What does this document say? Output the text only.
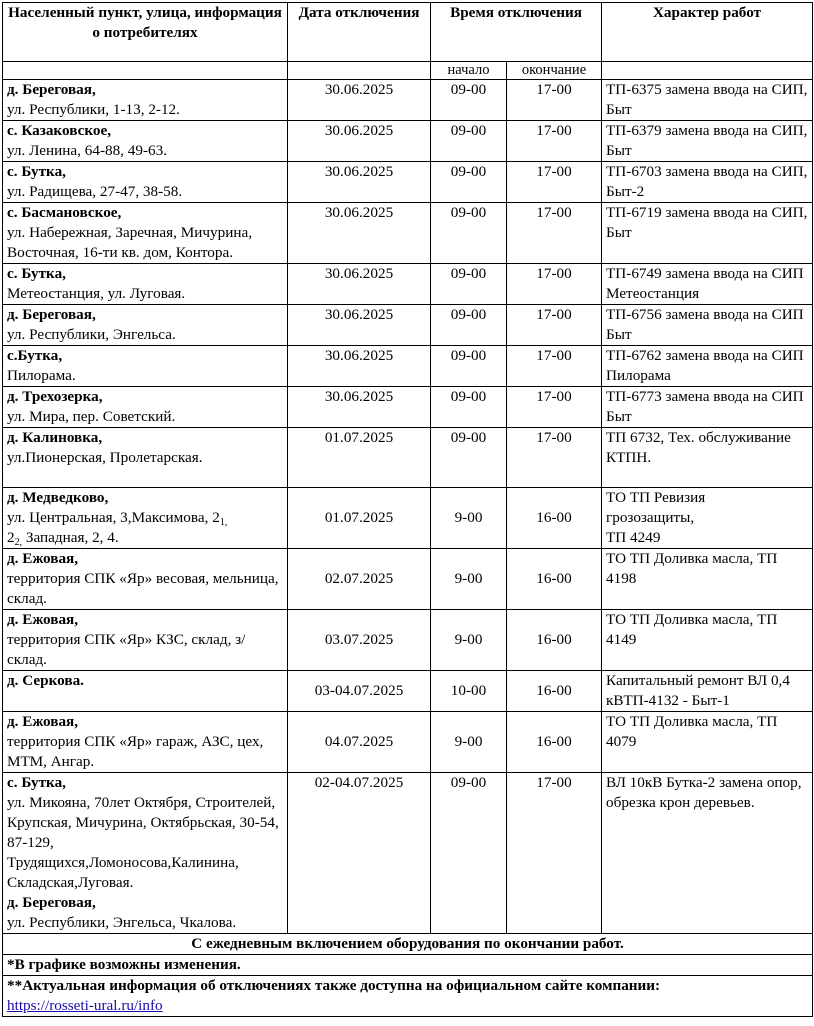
Населенный пункт, улица, информация о потребителях	Дата отключения	Время отключения		Характер работ
		начало	окончание	
д. Береговая,
ул. Республики, 1-13, 2-12.	30.06.2025	09-00	17-00	ТП-6375 замена ввода на СИП, Быт
с. Казаковское,
ул. Ленина, 64-88, 49-63.	30.06.2025	09-00	17-00	ТП-6379 замена ввода на СИП, Быт
с. Бутка,
ул. Радищева, 27-47, 38-58.	30.06.2025	09-00	17-00	ТП-6703 замена ввода на СИП, Быт-2
с. Басмановское,
ул. Набережная, Заречная, Мичурина, Восточная, 16-ти кв. дом, Контора.	30.06.2025	09-00	17-00	ТП-6719 замена ввода на СИП, Быт
с. Бутка,
Метеостанция, ул. Луговая.	30.06.2025	09-00	17-00	ТП-6749 замена ввода на СИП Метеостанция
д. Береговая,
ул. Республики, Энгельса.	30.06.2025	09-00	17-00	ТП-6756 замена ввода на СИП Быт
с.Бутка,
Пилорама.	30.06.2025	09-00	17-00	ТП-6762 замена ввода на СИП Пилорама
д. Трехозерка,
ул. Мира, пер. Советский.	30.06.2025	09-00	17-00	ТП-6773 замена ввода на СИП Быт
д. Калиновка,
ул.Пионерская, Пролетарская.	01.07.2025	09-00	17-00	ТП 6732, Тех. обслуживание КТПН.
д. Медведково,
ул. Центральная, 3,Максимова, $2_{1,}$
$2_{2,}$ Западная, 2, 4.	01.07.2025	9-00	16-00	ТО ТП Ревизия
грозозащиты,
ТП 4249
д. Ежовая,
территория СПК «Яр» весовая, мельница, склад.	02.07.2025	9-00	16-00	ТО ТП Доливка масла, ТП 4198
д. Ежовая,
территория СПК «Яр» КЗС, склад, з/склад.	03.07.2025	9-00	16-00	ТО ТП Доливка масла, ТП 4149
д. Серкова.	03-04.07.2025	10-00	16-00	Капитальный ремонт ВЛ 0,4 кВТП-4132 - Быт-1
д. Ежовая,
территория СПК «Яр» гараж, АЗС, цех, МТМ, Ангар.	04.07.2025	9-00	16-00	ТО ТП Доливка масла, ТП 4079
с. Бутка,
ул. Микояна, 70лет Октября, Строителей, Крупская, Мичурина, Октябрьская, 30-54, 87-129, Трудящихся,Ломоносова,Калинина, Складская,Луговая.
д. Береговая,
ул. Республики, Энгельса, Чкалова.	02-04.07.2025	09-00	17-00	ВЛ 10кВ Бутка-2 замена опор, обрезка крон деревьев.
С ежедневным включением оборудования по окончании работ.				
*В графике возможны изменения.				
**Актуальная информация об отключениях также доступна на официальном сайте компании:
https://rosseti-ural.ru/info				
